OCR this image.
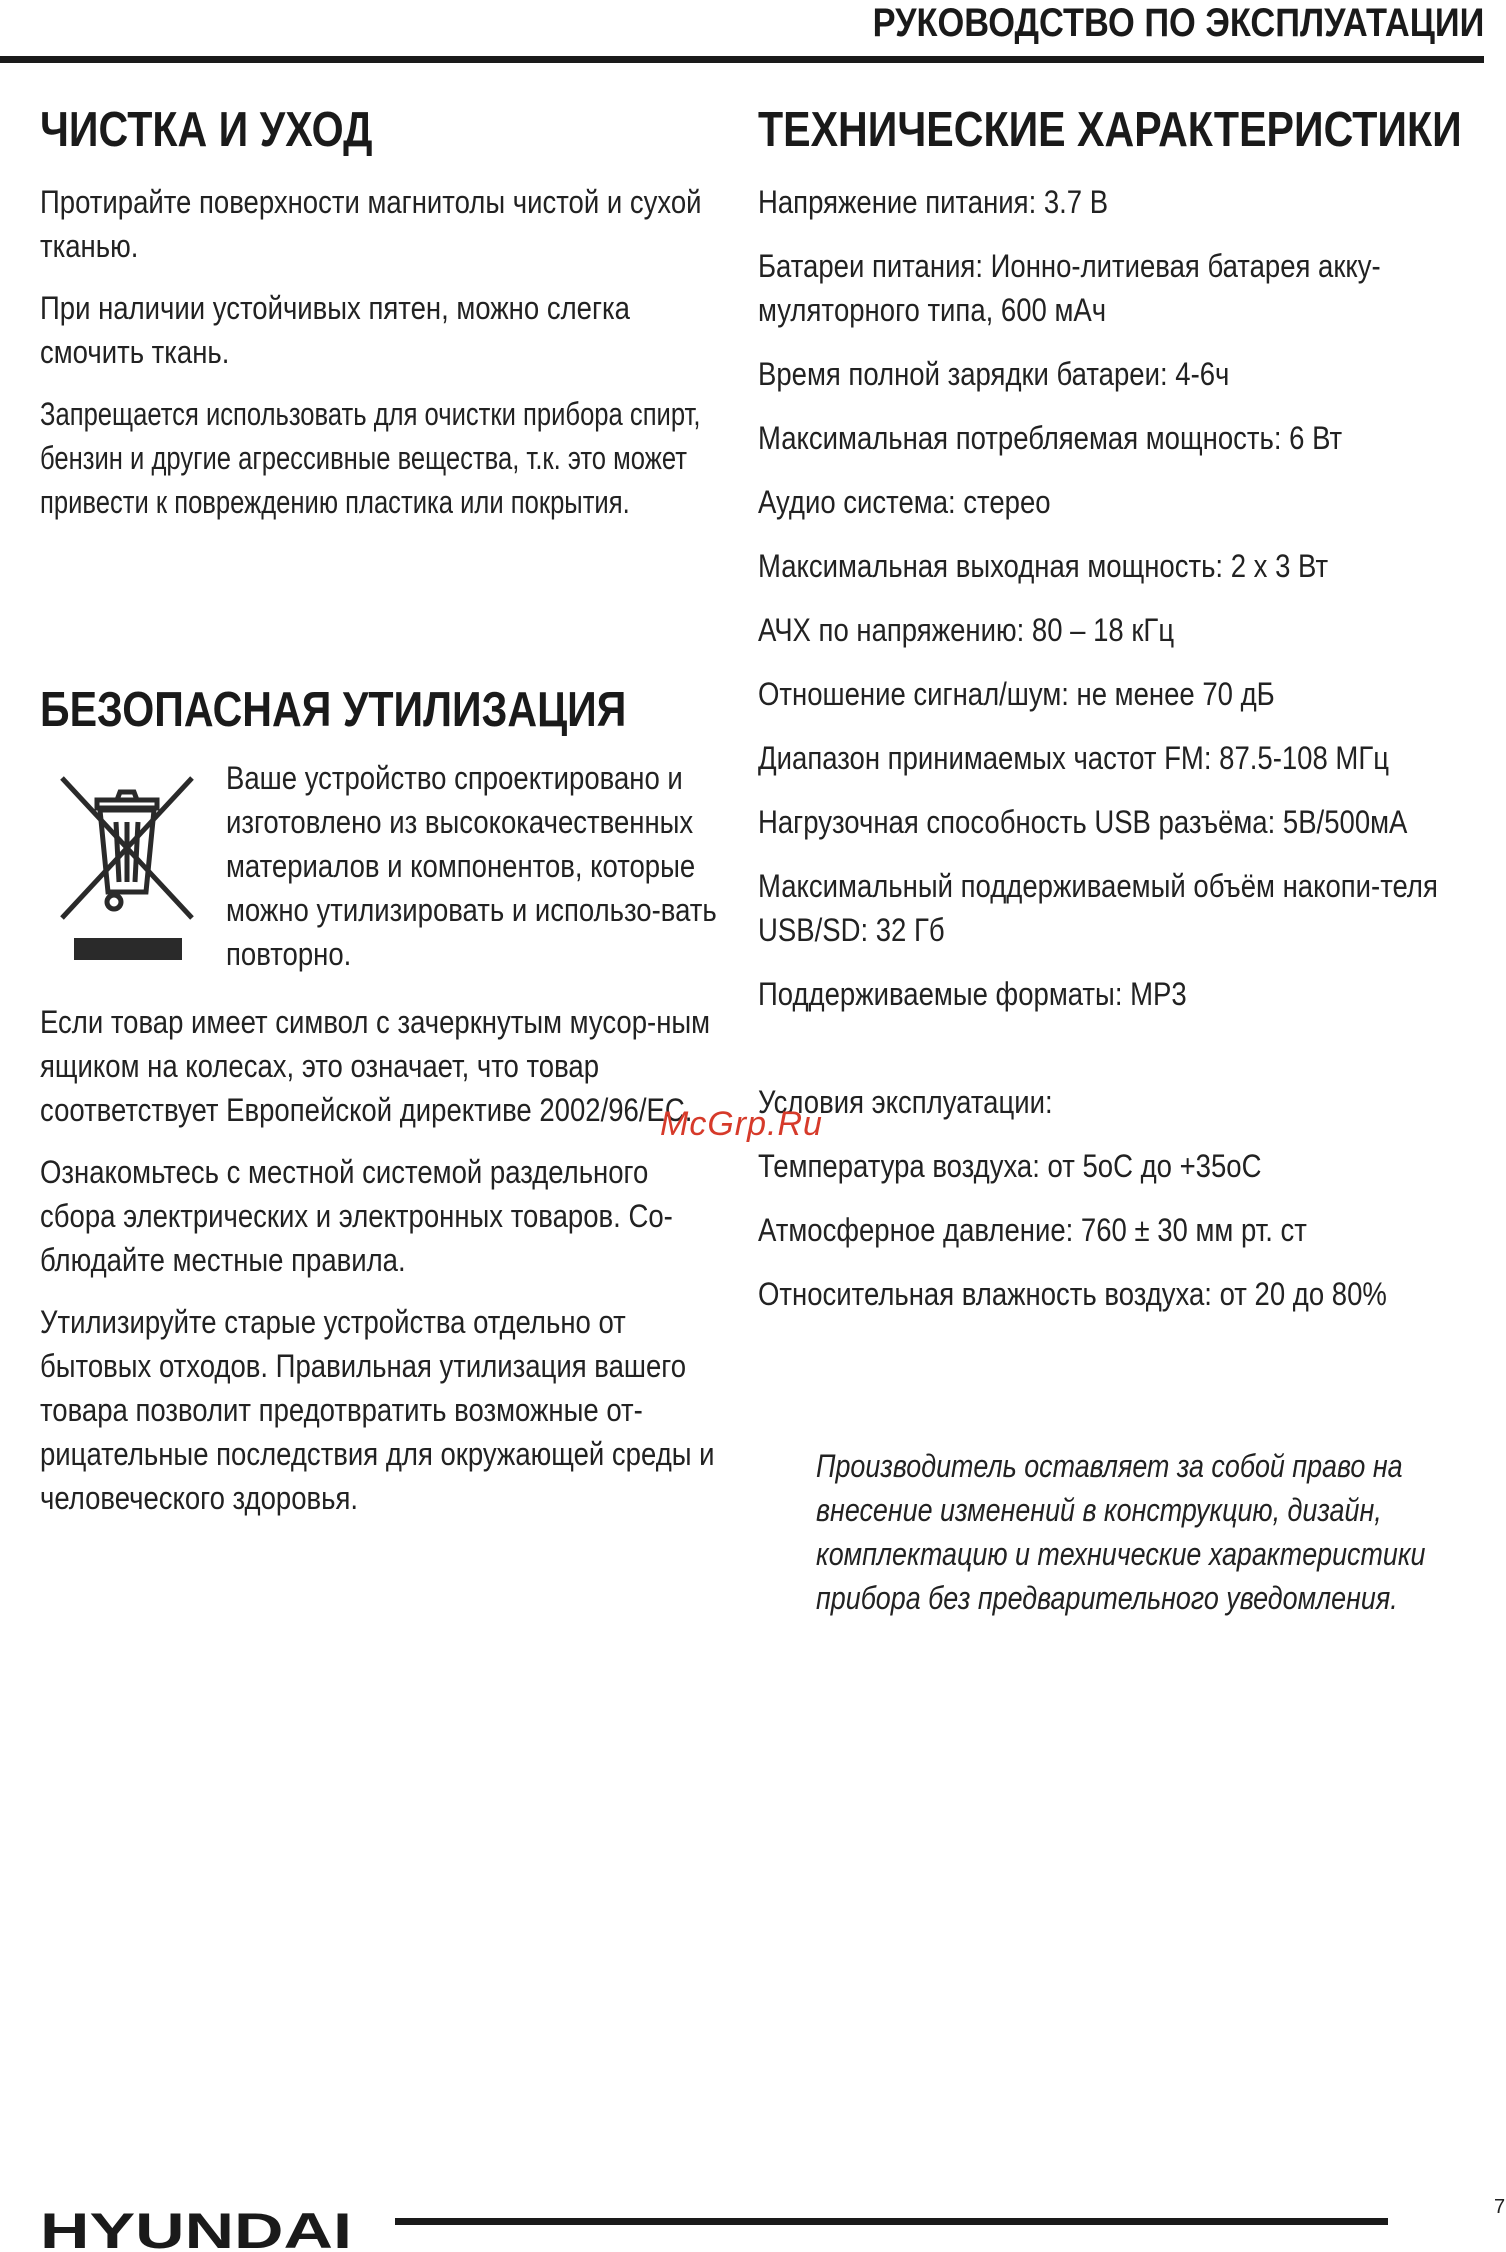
РУКОВОДСТВО ПО ЭКСПЛУАТАЦИИ
ЧИСТКА И УХОД

Протирайте поверхности магнитолы чистой и сухой тканью.

При наличии устойчивых пятен, можно слегка смочить ткань.

Запрещается использовать для очистки прибора спирт, бензин и другие агрессивные вещества, т.к. это может привести к повреждению пластика или покрытия.

БЕЗОПАСНАЯ УТИЛИЗАЦИЯ

Ваше устройство спроектировано и изготовлено из высококачественных материалов и компонентов, которые можно утилизировать и использо-вать повторно.

Если товар имеет символ с зачеркнутым мусор-ным ящиком на колесах, это означает, что товар соответствует Европейской директиве 2002/96/EC.

Ознакомьтесь с местной системой раздельного сбора электрических и электронных товаров. Со-блюдайте местные правила.

Утилизируйте старые устройства отдельно от бытовых отходов. Правильная утилизация вашего товара позволит предотвратить возможные от-рицательные последствия для окружающей среды и человеческого здоровья.

ТЕХНИЧЕСКИЕ ХАРАКТЕРИСТИКИ

Напряжение питания: 3.7 В

Батареи питания: Ионно-литиевая батарея акку-мулятoрного типа, 600 мАч

Время полной зарядки батареи: 4-6ч

Максимальная потребляемая мощность: 6 Вт

Аудио система: стерео

Максимальная выходная мощность: 2 х 3 Вт

АЧХ по напряжению: 80 – 18 кГц

Отношение сигнал/шум: не менее 70 дБ

Диапазон принимаемых частот FM: 87.5-108 МГц

Нагрузочная способность USB разъёма: 5В/500мА

Максимальный поддерживаемый объём накопи-теля USB/SD: 32 Гб

Поддерживаемые форматы: MP3

Условия эксплуатации:

Температура воздуха: от 5оС до +35оС

Атмосферное давление: 760 ± 30 мм рт. ст

Относительная влажность воздуха: от 20 до 80%

Производитель оставляет за собой право на внесение изменений в конструкцию, дизайн, комплектацию и технические характеристики прибора без предварительного уведомления.
McGrp.Ru
HYUNDAI	7
